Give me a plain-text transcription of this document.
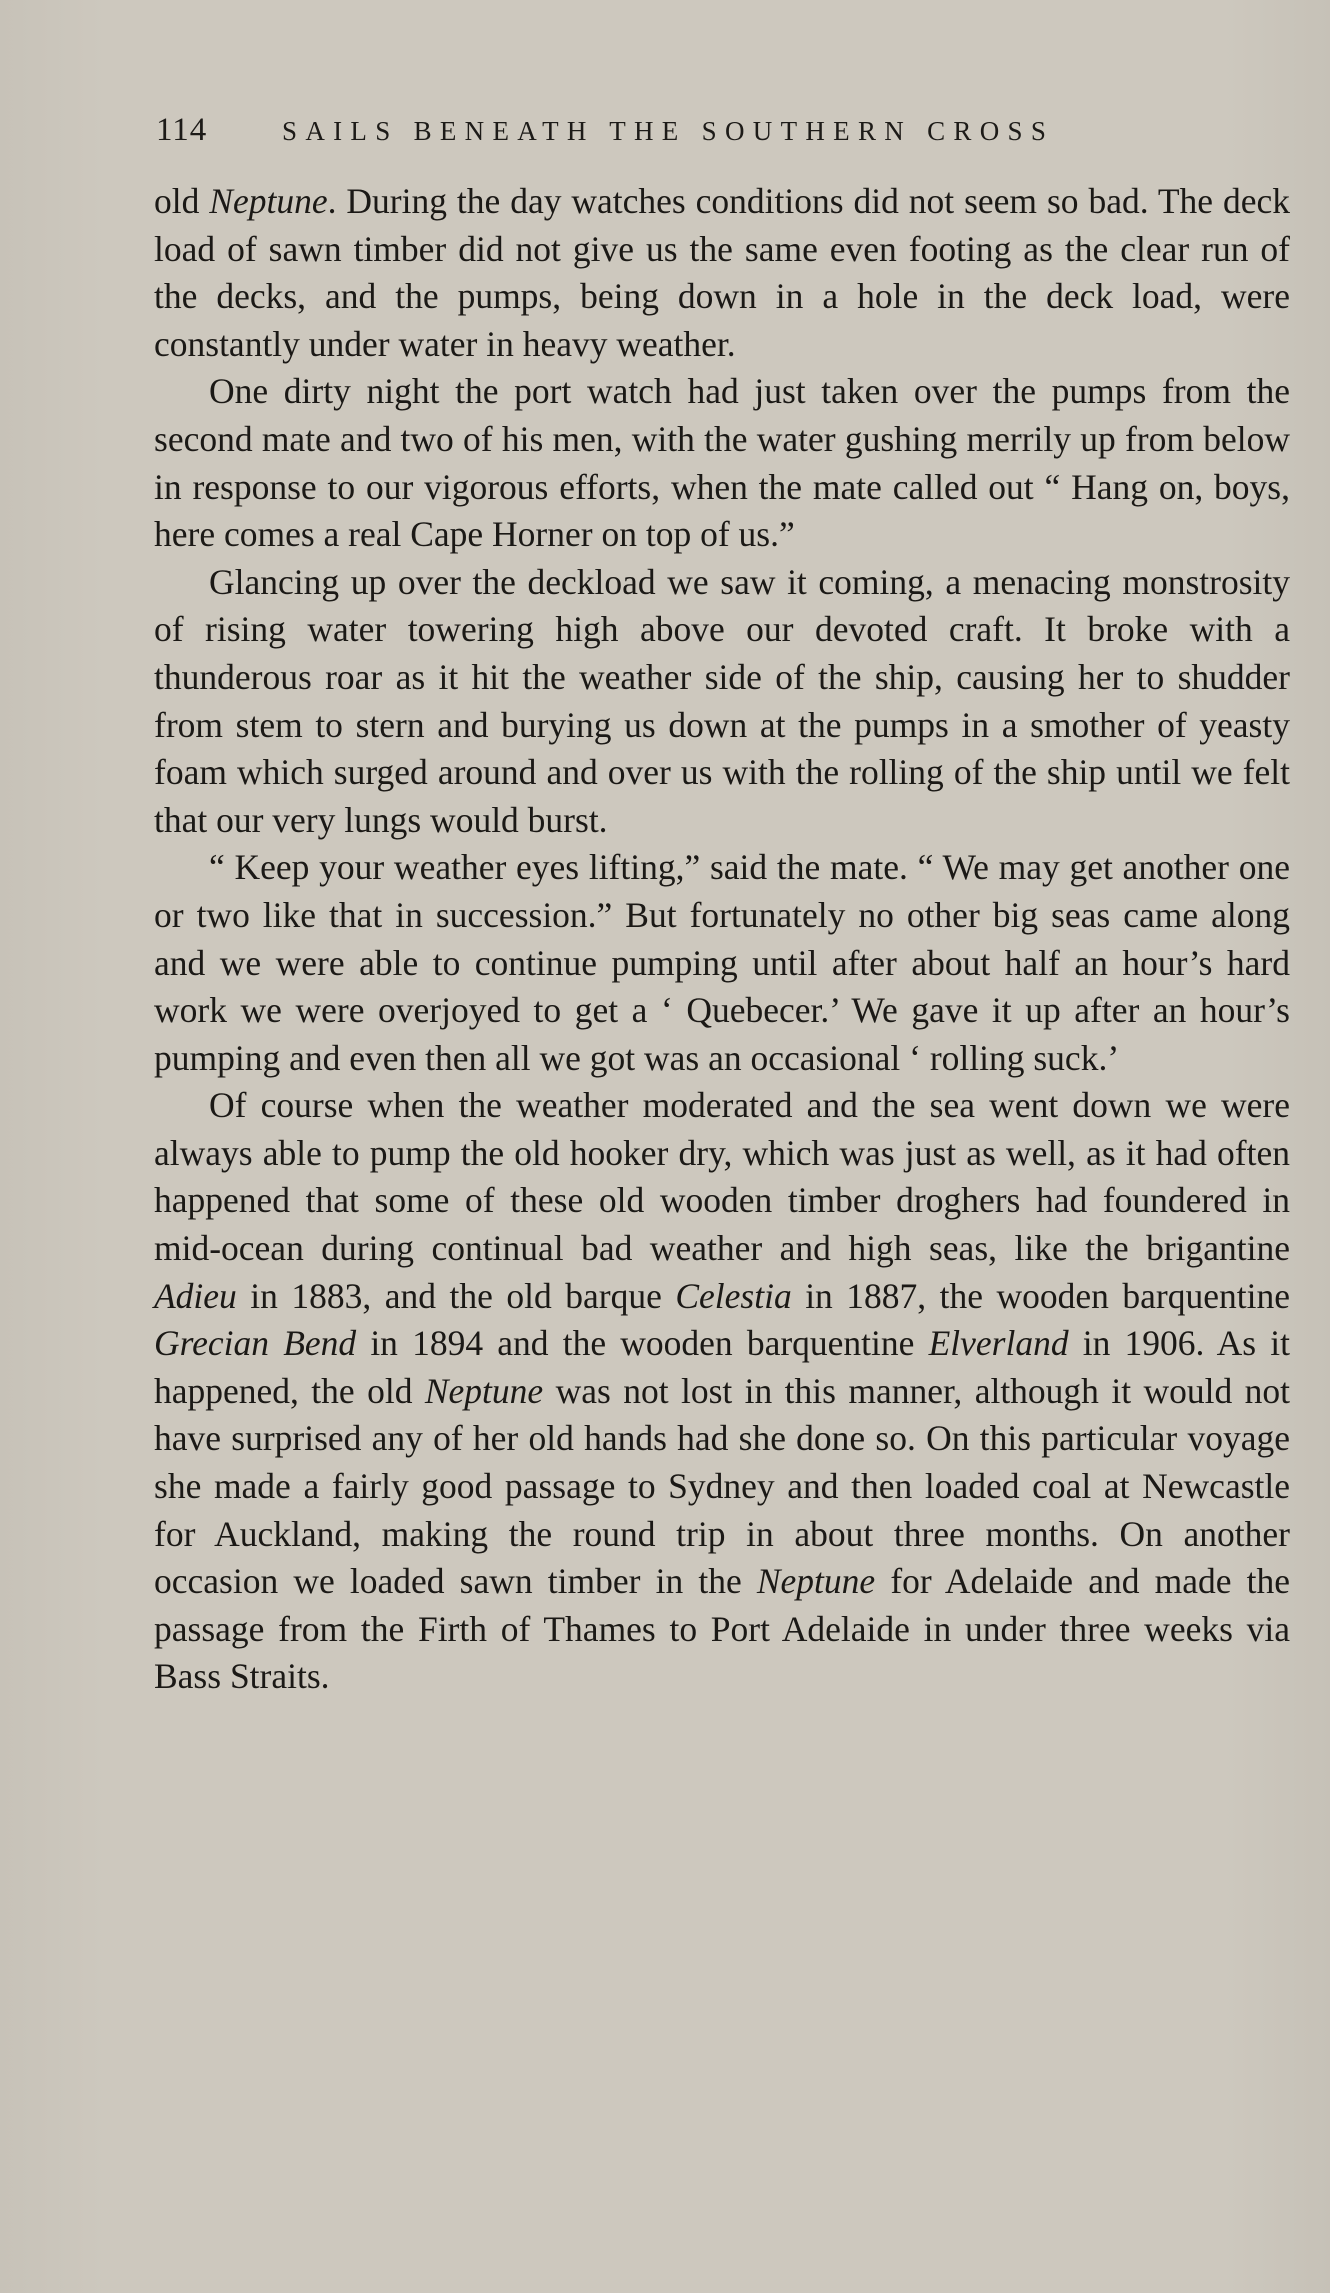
114	SAILS BENEATH THE SOUTHERN CROSS

old Neptune. During the day watches conditions did not seem so bad. The deck load of sawn timber did not give us the same even footing as the clear run of the decks, and the pumps, being down in a hole in the deck load, were constantly under water in heavy weather.

One dirty night the port watch had just taken over the pumps from the second mate and two of his men, with the water gushing merrily up from below in response to our vigorous efforts, when the mate called out “ Hang on, boys, here comes a real Cape Horner on top of us.”

Glancing up over the deckload we saw it coming, a menacing monstrosity of rising water towering high above our devoted craft. It broke with a thunderous roar as it hit the weather side of the ship, causing her to shudder from stem to stern and burying us down at the pumps in a smother of yeasty foam which surged around and over us with the rolling of the ship until we felt that our very lungs would burst.

“ Keep your weather eyes lifting,” said the mate. “ We may get another one or two like that in succession.” But fortunately no other big seas came along and we were able to continue pumping until after about half an hour’s hard work we were overjoyed to get a ‘ Quebecer.’ We gave it up after an hour’s pumping and even then all we got was an occasional ‘ rolling suck.’

Of course when the weather moderated and the sea went down we were always able to pump the old hooker dry, which was just as well, as it had often happened that some of these old wooden timber droghers had foundered in mid-ocean during continual bad weather and high seas, like the brigantine Adieu in 1883, and the old barque Celestia in 1887, the wooden barquentine Grecian Bend in 1894 and the wooden barquentine Elverland in 1906. As it happened, the old Neptune was not lost in this manner, although it would not have surprised any of her old hands had she done so. On this particular voyage she made a fairly good passage to Sydney and then loaded coal at Newcastle for Auckland, making the round trip in about three months. On another occasion we loaded sawn timber in the Neptune for Adelaide and made the passage from the Firth of Thames to Port Adelaide in under three weeks via Bass Straits.
